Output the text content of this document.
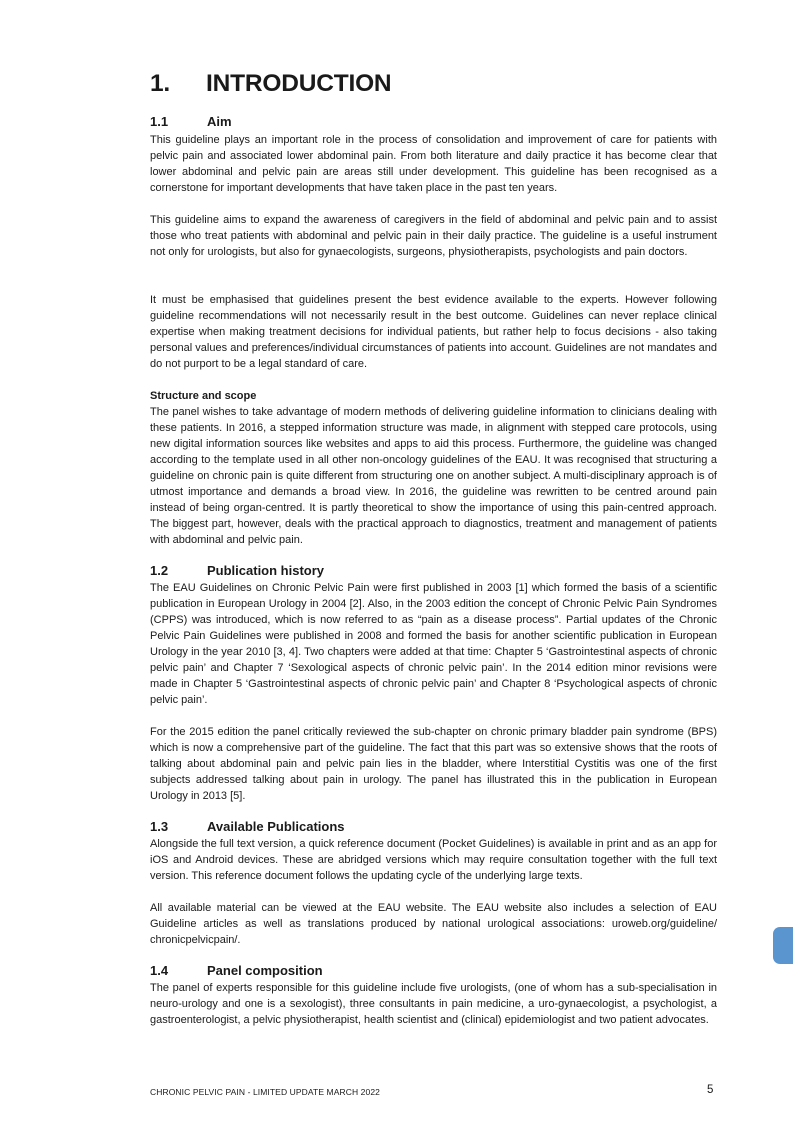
1. INTRODUCTION
1.1	Aim

This guideline plays an important role in the process of consolidation and improvement of care for patients with pelvic pain and associated lower abdominal pain. From both literature and daily practice it has become clear that lower abdominal and pelvic pain are areas still under development. This guideline has been recognised as a cornerstone for important developments that have taken place in the past ten years.

This guideline aims to expand the awareness of caregivers in the field of abdominal and pelvic pain and to assist those who treat patients with abdominal and pelvic pain in their daily practice. The guideline is a useful instrument not only for urologists, but also for gynaecologists, surgeons, physiotherapists, psychologists and pain doctors.

It must be emphasised that guidelines present the best evidence available to the experts. However following guideline recommendations will not necessarily result in the best outcome. Guidelines can never replace clinical expertise when making treatment decisions for individual patients, but rather help to focus decisions - also taking personal values and preferences/individual circumstances of patients into account. Guidelines are not mandates and do not purport to be a legal standard of care.

Structure and scope

The panel wishes to take advantage of modern methods of delivering guideline information to clinicians dealing with these patients. In 2016, a stepped information structure was made, in alignment with stepped care protocols, using new digital information sources like websites and apps to aid this process. Furthermore, the guideline was changed according to the template used in all other non-oncology guidelines of the EAU. It was recognised that structuring a guideline on chronic pain is quite different from structuring one on another subject. A multi-disciplinary approach is of utmost importance and demands a broad view. In 2016, the guideline was rewritten to be centred around pain instead of being organ-centred. It is partly theoretical to show the importance of using this pain-centred approach. The biggest part, however, deals with the practical approach to diagnostics, treatment and management of patients with abdominal and pelvic pain.

1.2	Publication history

The EAU Guidelines on Chronic Pelvic Pain were first published in 2003 [1] which formed the basis of a scientific publication in European Urology in 2004 [2]. Also, in the 2003 edition the concept of Chronic Pelvic Pain Syndromes (CPPS) was introduced, which is now referred to as “pain as a disease process”. Partial updates of the Chronic Pelvic Pain Guidelines were published in 2008 and formed the basis for another scientific publication in European Urology in the year 2010 [3, 4]. Two chapters were added at that time: Chapter 5 ‘Gastrointestinal aspects of chronic pelvic pain’ and Chapter 7 ‘Sexological aspects of chronic pelvic pain’. In the 2014 edition minor revisions were made in Chapter 5 ‘Gastrointestinal aspects of chronic pelvic pain’ and Chapter 8 ‘Psychological aspects of chronic pelvic pain’.

For the 2015 edition the panel critically reviewed the sub-chapter on chronic primary bladder pain syndrome (BPS) which is now a comprehensive part of the guideline. The fact that this part was so extensive shows that the roots of talking about abdominal pain and pelvic pain lies in the bladder, where Interstitial Cystitis was one of the first subjects addressed talking about pain in urology. The panel has illustrated this in the publication in European Urology in 2013 [5].

1.3	Available Publications

Alongside the full text version, a quick reference document (Pocket Guidelines) is available in print and as an app for iOS and Android devices. These are abridged versions which may require consultation together with the full text version. This reference document follows the updating cycle of the underlying large texts.

All available material can be viewed at the EAU website. The EAU website also includes a selection of EAU Guideline articles as well as translations produced by national urological associations: uroweb.org/guideline/ chronicpelvicpain/.

1.4	Panel composition

The panel of experts responsible for this guideline include five urologists, (one of whom has a sub-specialisation in neuro-urology and one is a sexologist), three consultants in pain medicine, a uro-gynaecologist, a psychologist, a gastroenterologist, a pelvic physiotherapist, health scientist and (clinical) epidemiologist and two patient advocates.

CHRONIC PELVIC PAIN - LIMITED UPDATE MARCH 2022	5
